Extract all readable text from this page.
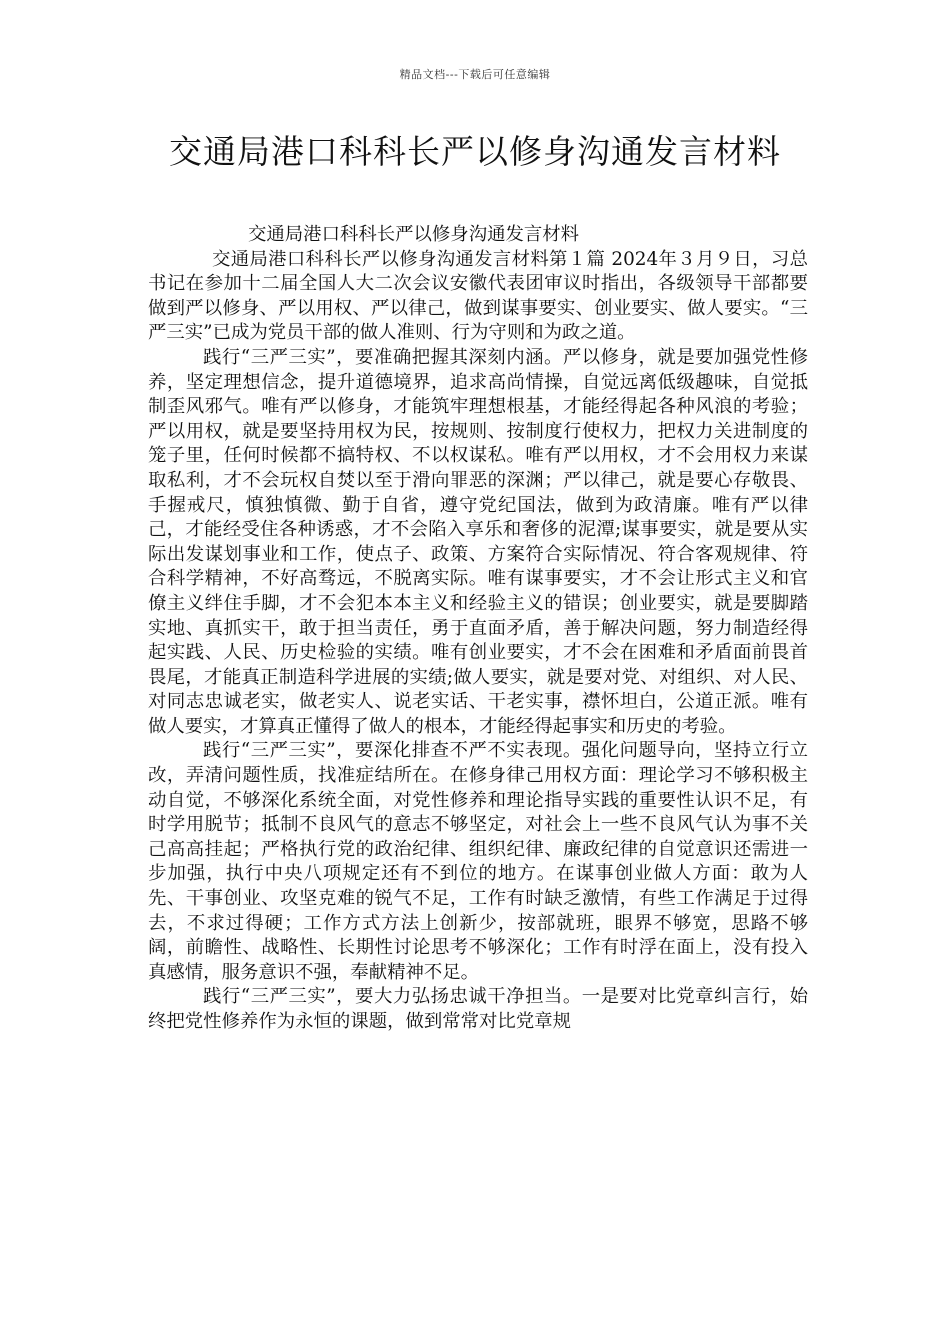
精品文档---下载后可任意编辑
交通局港口科科长严以修身沟通发言材料

交通局港口科科长严以修身沟通发言材料

交通局港口科科长严以修身沟通发言材料第１篇 2024年３月９日，习总书记在参加十二届全国人大二次会议安徽代表团审议时指出，各级领导干部都要做到严以修身、严以用权、严以律己，做到谋事要实、创业要实、做人要实。“三严三实”已成为党员干部的做人准则、行为守则和为政之道。

践行“三严三实”，要准确把握其深刻内涵。严以修身，就是要加强党性修养，坚定理想信念，提升道德境界，追求高尚情操，自觉远离低级趣味，自觉抵制歪风邪气。唯有严以修身，才能筑牢理想根基，才能经得起各种风浪的考验；严以用权，就是要坚持用权为民，按规则、按制度行使权力，把权力关进制度的笼子里，任何时候都不搞特权、不以权谋私。唯有严以用权，才不会用权力来谋取私利，才不会玩权自焚以至于滑向罪恶的深渊；严以律己，就是要心存敬畏、手握戒尺，慎独慎微、勤于自省，遵守党纪国法，做到为政清廉。唯有严以律己，才能经受住各种诱惑，才不会陷入享乐和奢侈的泥潭;谋事要实，就是要从实际出发谋划事业和工作，使点子、政策、方案符合实际情况、符合客观规律、符合科学精神，不好高骛远，不脱离实际。唯有谋事要实，才不会让形式主义和官僚主义绊住手脚，才不会犯本本主义和经验主义的错误；创业要实，就是要脚踏实地、真抓实干，敢于担当责任，勇于直面矛盾，善于解决问题，努力制造经得起实践、人民、历史检验的实绩。唯有创业要实，才不会在困难和矛盾面前畏首畏尾，才能真正制造科学进展的实绩;做人要实，就是要对党、对组织、对人民、对同志忠诚老实，做老实人、说老实话、干老实事，襟怀坦白，公道正派。唯有做人要实，才算真正懂得了做人的根本，才能经得起事实和历史的考验。

践行“三严三实”，要深化排查不严不实表现。强化问题导向，坚持立行立改，弄清问题性质，找准症结所在。在修身律己用权方面：理论学习不够积极主动自觉，不够深化系统全面，对党性修养和理论指导实践的重要性认识不足，有时学用脱节；抵制不良风气的意志不够坚定，对社会上一些不良风气认为事不关己高高挂起；严格执行党的政治纪律、组织纪律、廉政纪律的自觉意识还需进一步加强，执行中央八项规定还有不到位的地方。在谋事创业做人方面：敢为人先、干事创业、攻坚克难的锐气不足，工作有时缺乏激情，有些工作满足于过得去，不求过得硬；工作方式方法上创新少，按部就班，眼界不够宽，思路不够阔，前瞻性、战略性、长期性讨论思考不够深化；工作有时浮在面上，没有投入真感情，服务意识不强，奉献精神不足。

践行“三严三实”，要大力弘扬忠诚干净担当。一是要对比党章纠言行，始终把党性修养作为永恒的课题，做到常常对比党章规
